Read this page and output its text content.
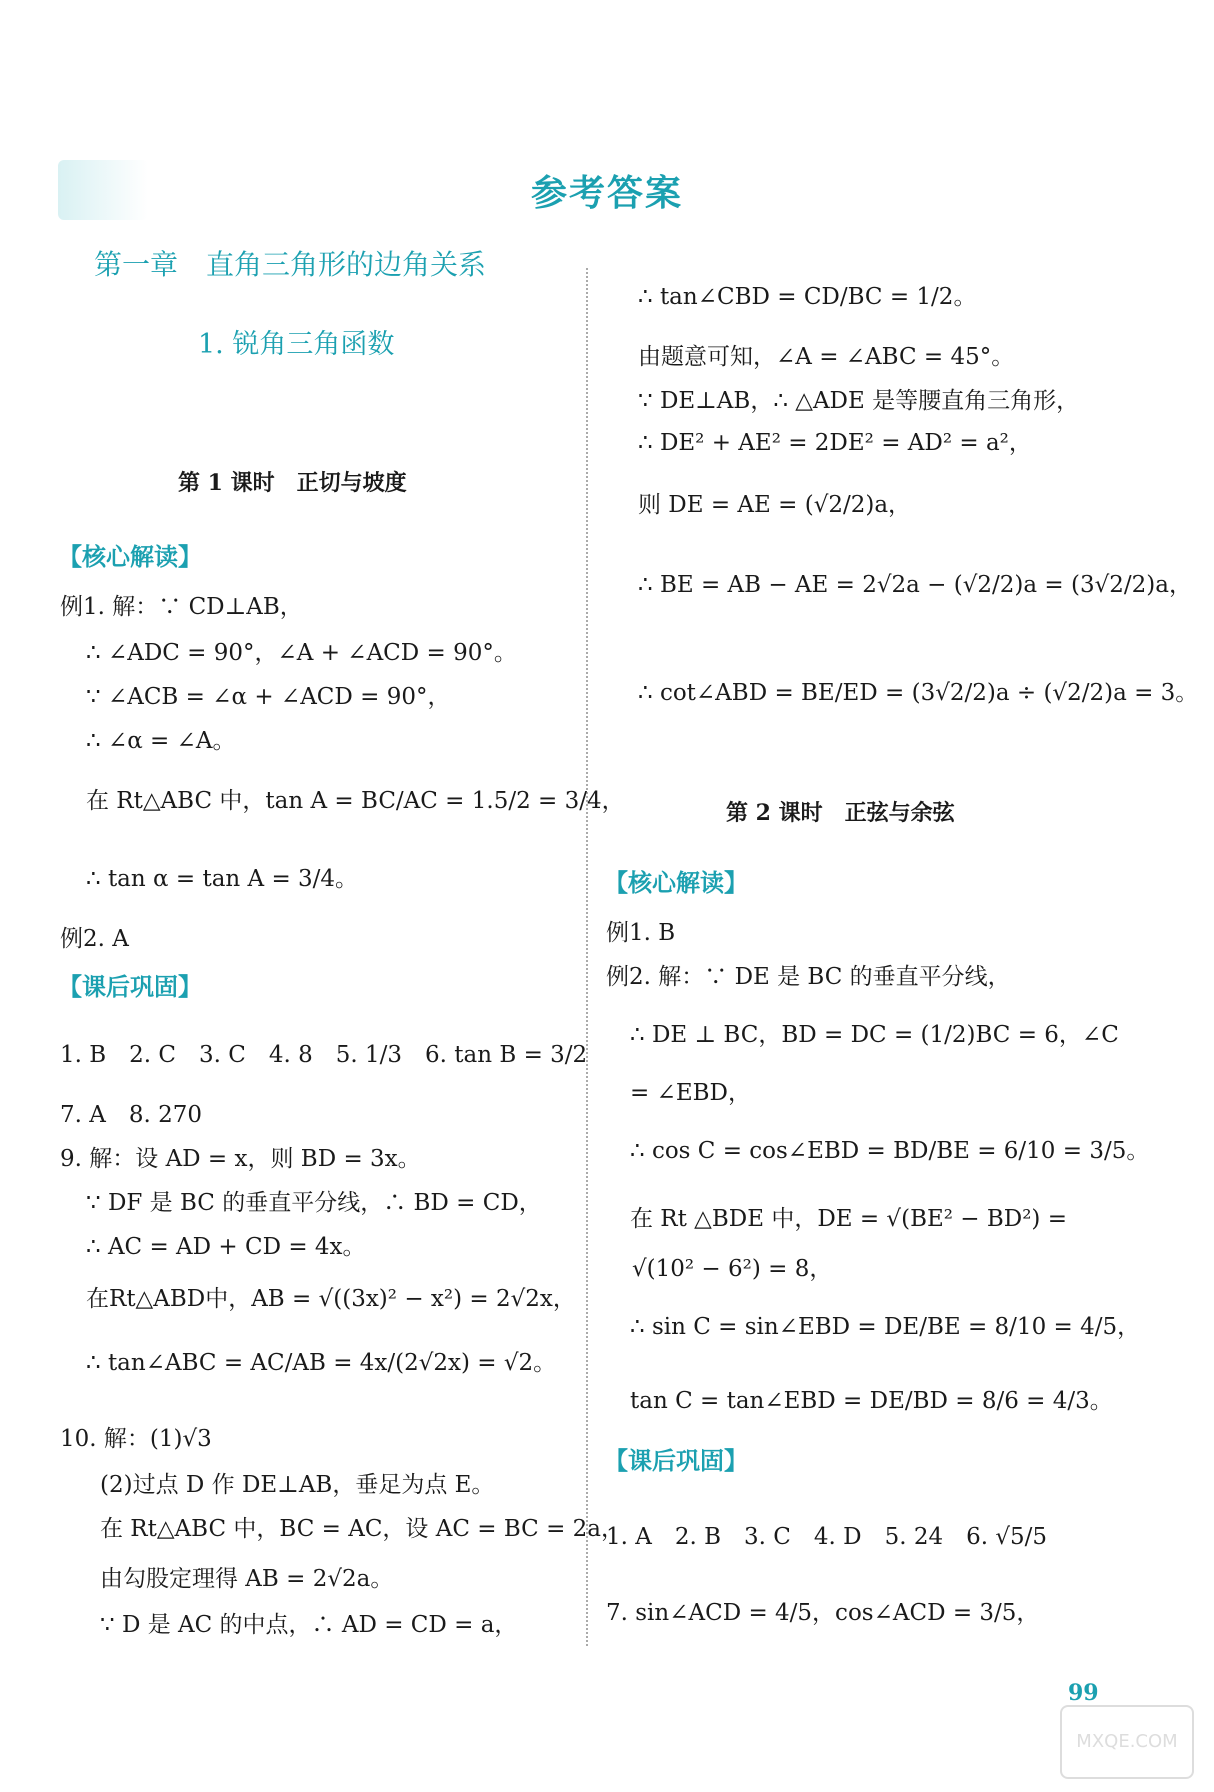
参考答案
第一章　直角三角形的边角关系
1. 锐角三角函数
第 1 课时　正切与坡度
【核心解读】
例1. 解：∵ CD⊥AB，
∴ ∠ADC = 90°，∠A + ∠ACD = 90°。
∵ ∠ACB = ∠α + ∠ACD = 90°，
∴ ∠α = ∠A。
在 Rt△ABC 中，tan A = BC/AC = 1.5/2 = 3/4，
∴ tan α = tan A = 3/4。
例2. A
【课后巩固】
1. B　2. C　3. C　4. 8　5. 1/3　6. tan B = 3/2
7. A　8. 270
9. 解：设 AD = x，则 BD = 3x。
∵ DF 是 BC 的垂直平分线，∴ BD = CD，
∴ AC = AD + CD = 4x。
在Rt△ABD中，AB = √((3x)² − x²) = 2√2x，
∴ tan∠ABC = AC/AB = 4x/(2√2x) = √2。
10. 解：(1)√3
(2)过点 D 作 DE⊥AB，垂足为点 E。
在 Rt△ABC 中，BC = AC，设 AC = BC = 2a，
由勾股定理得 AB = 2√2a。
∵ D 是 AC 的中点，∴ AD = CD = a，
∴ tan∠CBD = CD/BC = 1/2。
由题意可知，∠A = ∠ABC = 45°。
∵ DE⊥AB，∴ △ADE 是等腰直角三角形，
∴ DE² + AE² = 2DE² = AD² = a²，
则 DE = AE = (√2/2)a，
∴ BE = AB − AE = 2√2a − (√2/2)a = (3√2/2)a，
∴ cot∠ABD = BE/ED = (3√2/2)a ÷ (√2/2)a = 3。
第 2 课时　正弦与余弦
【核心解读】
例1. B
例2. 解：∵ DE 是 BC 的垂直平分线，
∴ DE ⊥ BC，BD = DC = (1/2)BC = 6，∠C
= ∠EBD，
∴ cos C = cos∠EBD = BD/BE = 6/10 = 3/5。
在 Rt △BDE 中，DE = √(BE² − BD²) =
√(10² − 6²) = 8，
∴ sin C = sin∠EBD = DE/BE = 8/10 = 4/5，
tan C = tan∠EBD = DE/BD = 8/6 = 4/3。
【课后巩固】
1. A　2. B　3. C　4. D　5. 24　6. √5/5
7. sin∠ACD = 4/5，cos∠ACD = 3/5，
99
MXQE.COM
